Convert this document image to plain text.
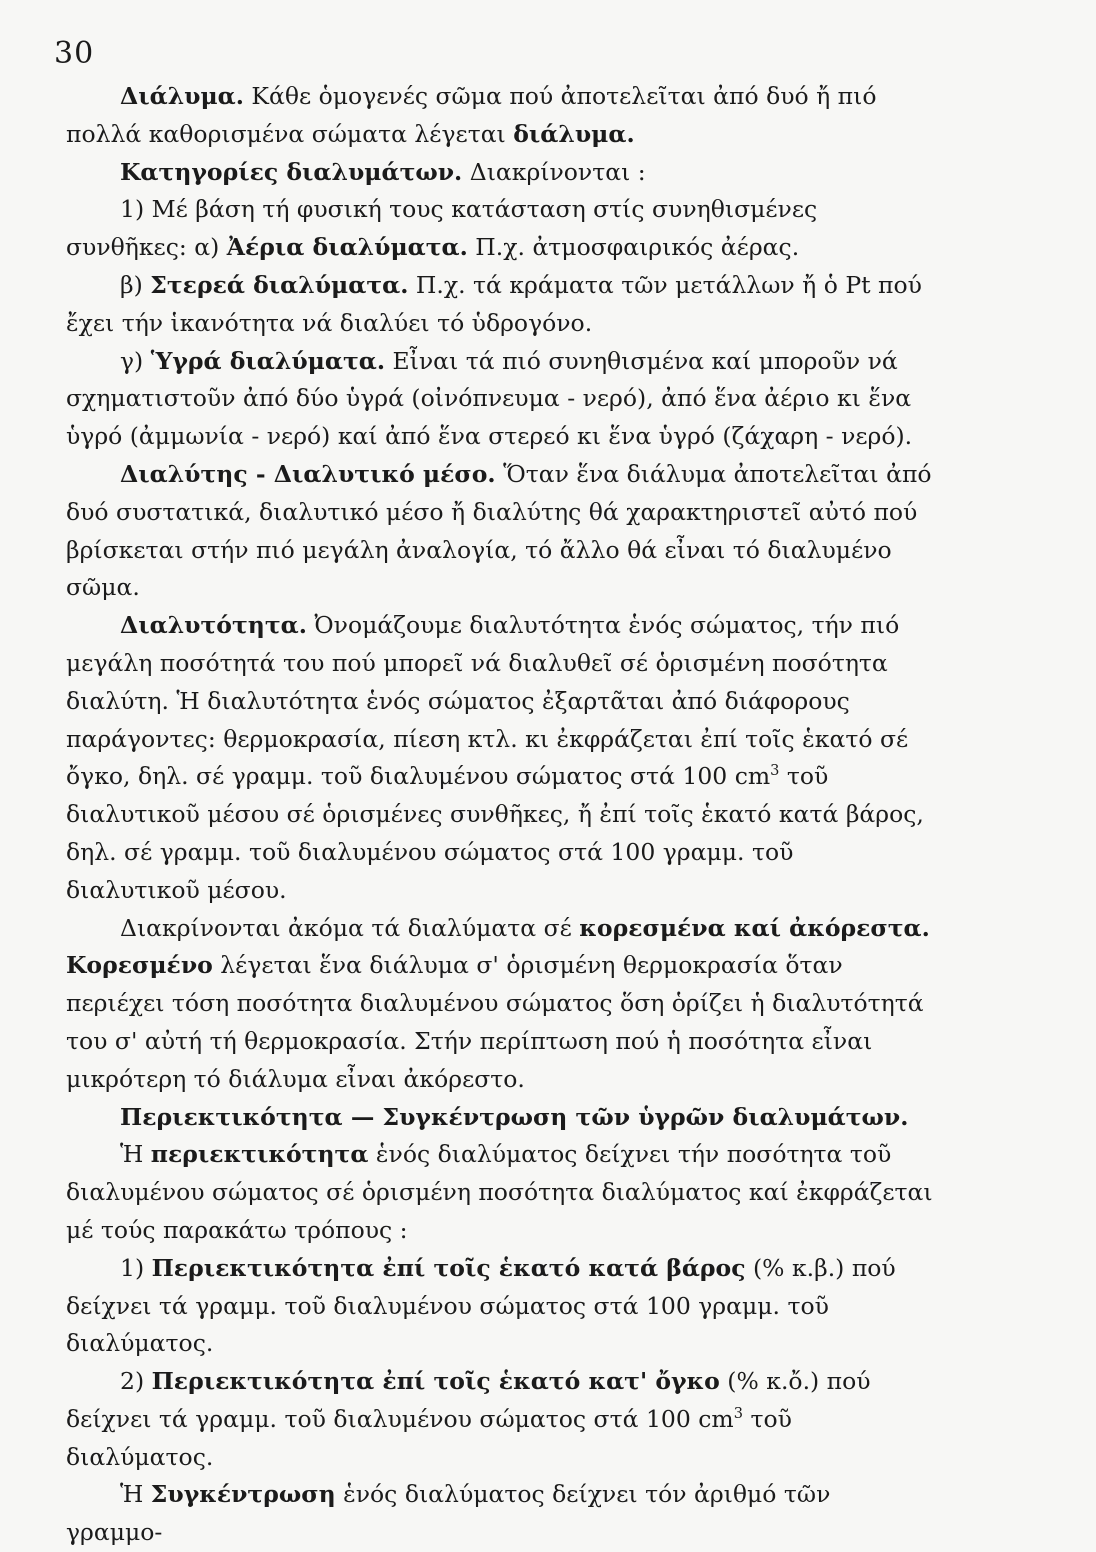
30

Διάλυμα. Κάθε ὁμογενές σῶμα πού ἀποτελεῖται ἀπό δυό ἤ πιό πολλά καθορισμένα σώματα λέγεται διάλυμα.

Κατηγορίες διαλυμάτων. Διακρίνονται :

1) Μέ βάση τή φυσική τους κατάσταση στίς συνηθισμένες συνθῆκες: α) Ἀέρια διαλύματα. Π.χ. ἀτμοσφαιρικός ἀέρας.

β) Στερεά διαλύματα. Π.χ. τά κράματα τῶν μετάλλων ἤ ὁ Pt πού ἔχει τήν ἱκανότητα νά διαλύει τό ὑδρογόνο.

γ) Ὑγρά διαλύματα. Εἶναι τά πιό συνηθισμένα καί μποροῦν νά σχηματιστοῦν ἀπό δύο ὑγρά (οἰνόπνευμα - νερό), ἀπό ἕνα ἀέριο κι ἕνα ὑγρό (ἀμμωνία - νερό) καί ἀπό ἕνα στερεό κι ἕνα ὑγρό (ζάχαρη - νερό).

Διαλύτης - Διαλυτικό μέσο. Ὅταν ἕνα διάλυμα ἀποτελεῖται ἀπό δυό συστατικά, διαλυτικό μέσο ἤ διαλύτης θά χαρακτηριστεῖ αὐτό πού βρίσκεται στήν πιό μεγάλη ἀναλογία, τό ἄλλο θά εἶναι τό διαλυμένο σῶμα.

Διαλυτότητα. Ὀνομάζουμε διαλυτότητα ἑνός σώματος, τήν πιό μεγάλη ποσότητά του πού μπορεῖ νά διαλυθεῖ σέ ὁρισμένη ποσότητα διαλύτη. Ἡ διαλυτότητα ἑνός σώματος ἐξαρτᾶται ἀπό διάφορους παράγοντες: θερμοκρασία, πίεση κτλ. κι ἐκφράζεται ἐπί τοῖς ἑκατό σέ ὄγκο, δηλ. σέ γραμμ. τοῦ διαλυμένου σώματος στά 100 $cm^3$ τοῦ διαλυτικοῦ μέσου σέ ὁρισμένες συνθῆκες, ἤ ἐπί τοῖς ἑκατό κατά βάρος, δηλ. σέ γραμμ. τοῦ διαλυμένου σώματος στά 100 γραμμ. τοῦ διαλυτικοῦ μέσου.

Διακρίνονται ἀκόμα τά διαλύματα σέ κορεσμένα καί ἀκόρεστα.

Κορεσμένο λέγεται ἕνα διάλυμα σ' ὁρισμένη θερμοκρασία ὅταν περιέχει τόση ποσότητα διαλυμένου σώματος ὅση ὁρίζει ἡ διαλυτότητά του σ' αὐτή τή θερμοκρασία. Στήν περίπτωση πού ἡ ποσότητα εἶναι μικρότερη τό διάλυμα εἶναι ἀκόρεστο.

Περιεκτικότητα — Συγκέντρωση τῶν ὑγρῶν διαλυμάτων.

Ἡ περιεκτικότητα ἑνός διαλύματος δείχνει τήν ποσότητα τοῦ διαλυμένου σώματος σέ ὁρισμένη ποσότητα διαλύματος καί ἐκφράζεται μέ τούς παρακάτω τρόπους :

1) Περιεκτικότητα ἐπί τοῖς ἑκατό κατά βάρος (% κ.β.) πού δείχνει τά γραμμ. τοῦ διαλυμένου σώματος στά 100 γραμμ. τοῦ διαλύματος.

2) Περιεκτικότητα ἐπί τοῖς ἑκατό κατ' ὄγκο (% κ.ὄ.) πού δείχνει τά γραμμ. τοῦ διαλυμένου σώματος στά 100 $cm^3$ τοῦ διαλύματος.

Ἡ Συγκέντρωση ἑνός διαλύματος δείχνει τόν ἀριθμό τῶν γραμμο-
